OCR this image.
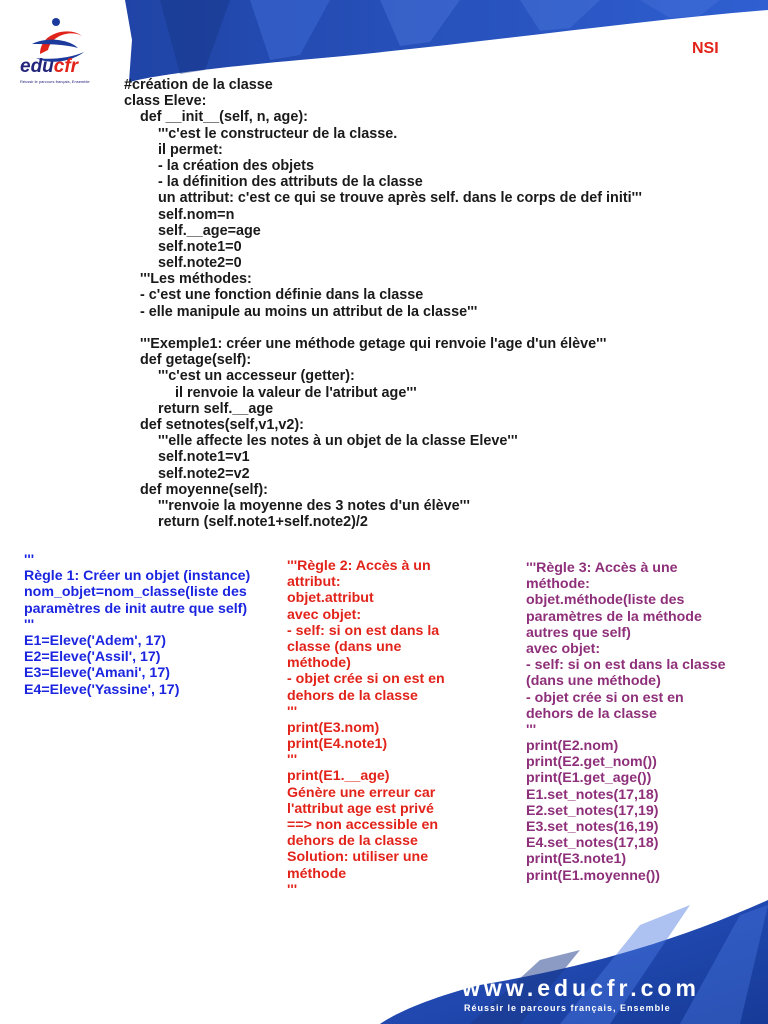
educfr
Réussir le parcours français, Ensemble
NSI
#création de la classe
class Eleve:
def __init__(self, n, age):
'''c'est le constructeur de la classe.
il permet:
- la création des objets
- la définition des attributs de la classe
un attribut: c'est ce qui se trouve après self. dans le corps de def initi'''
self.nom=n
self.__age=age
self.note1=0
self.note2=0
'''Les méthodes:
- c'est une fonction définie dans la classe
- elle manipule au moins un attribut de la classe'''
'''Exemple1: créer une méthode getage qui renvoie l'age d'un élève'''
def getage(self):
'''c'est un accesseur (getter):
il renvoie la valeur de l'atribut age'''
return self.__age
def setnotes(self,v1,v2):
'''elle affecte les notes à un objet de la classe Eleve'''
self.note1=v1
self.note2=v2
def moyenne(self):
'''renvoie la moyenne des 3 notes d'un élève'''
return (self.note1+self.note2)/2
'''
Règle 1: Créer un objet (instance)
nom_objet=nom_classe(liste des
paramètres de init autre que self)
'''
E1=Eleve('Adem', 17)
E2=Eleve('Assil', 17)
E3=Eleve('Amani', 17)
E4=Eleve('Yassine', 17)
'''Règle 2: Accès à un
attribut:
objet.attribut
avec objet:
- self: si on est dans la
classe (dans une
méthode)
- objet crée si on est en
dehors de la classe
'''
print(E3.nom)
print(E4.note1)
'''
print(E1.__age)
Génère une erreur car
l'attribut age est privé
==> non accessible en
dehors de la classe
Solution: utiliser une
méthode
'''
'''Règle 3: Accès à une
méthode:
objet.méthode(liste des
paramètres de la méthode
autres que self)
avec objet:
- self: si on est dans la classe
(dans une méthode)
- objet crée si on est en
dehors de la classe
'''
print(E2.nom)
print(E2.get_nom())
print(E1.get_age())
E1.set_notes(17,18)
E2.set_notes(17,19)
E3.set_notes(16,19)
E4.set_notes(17,18)
print(E3.note1)
print(E1.moyenne())
www.educfr.com
Réussir le parcours français, Ensemble
